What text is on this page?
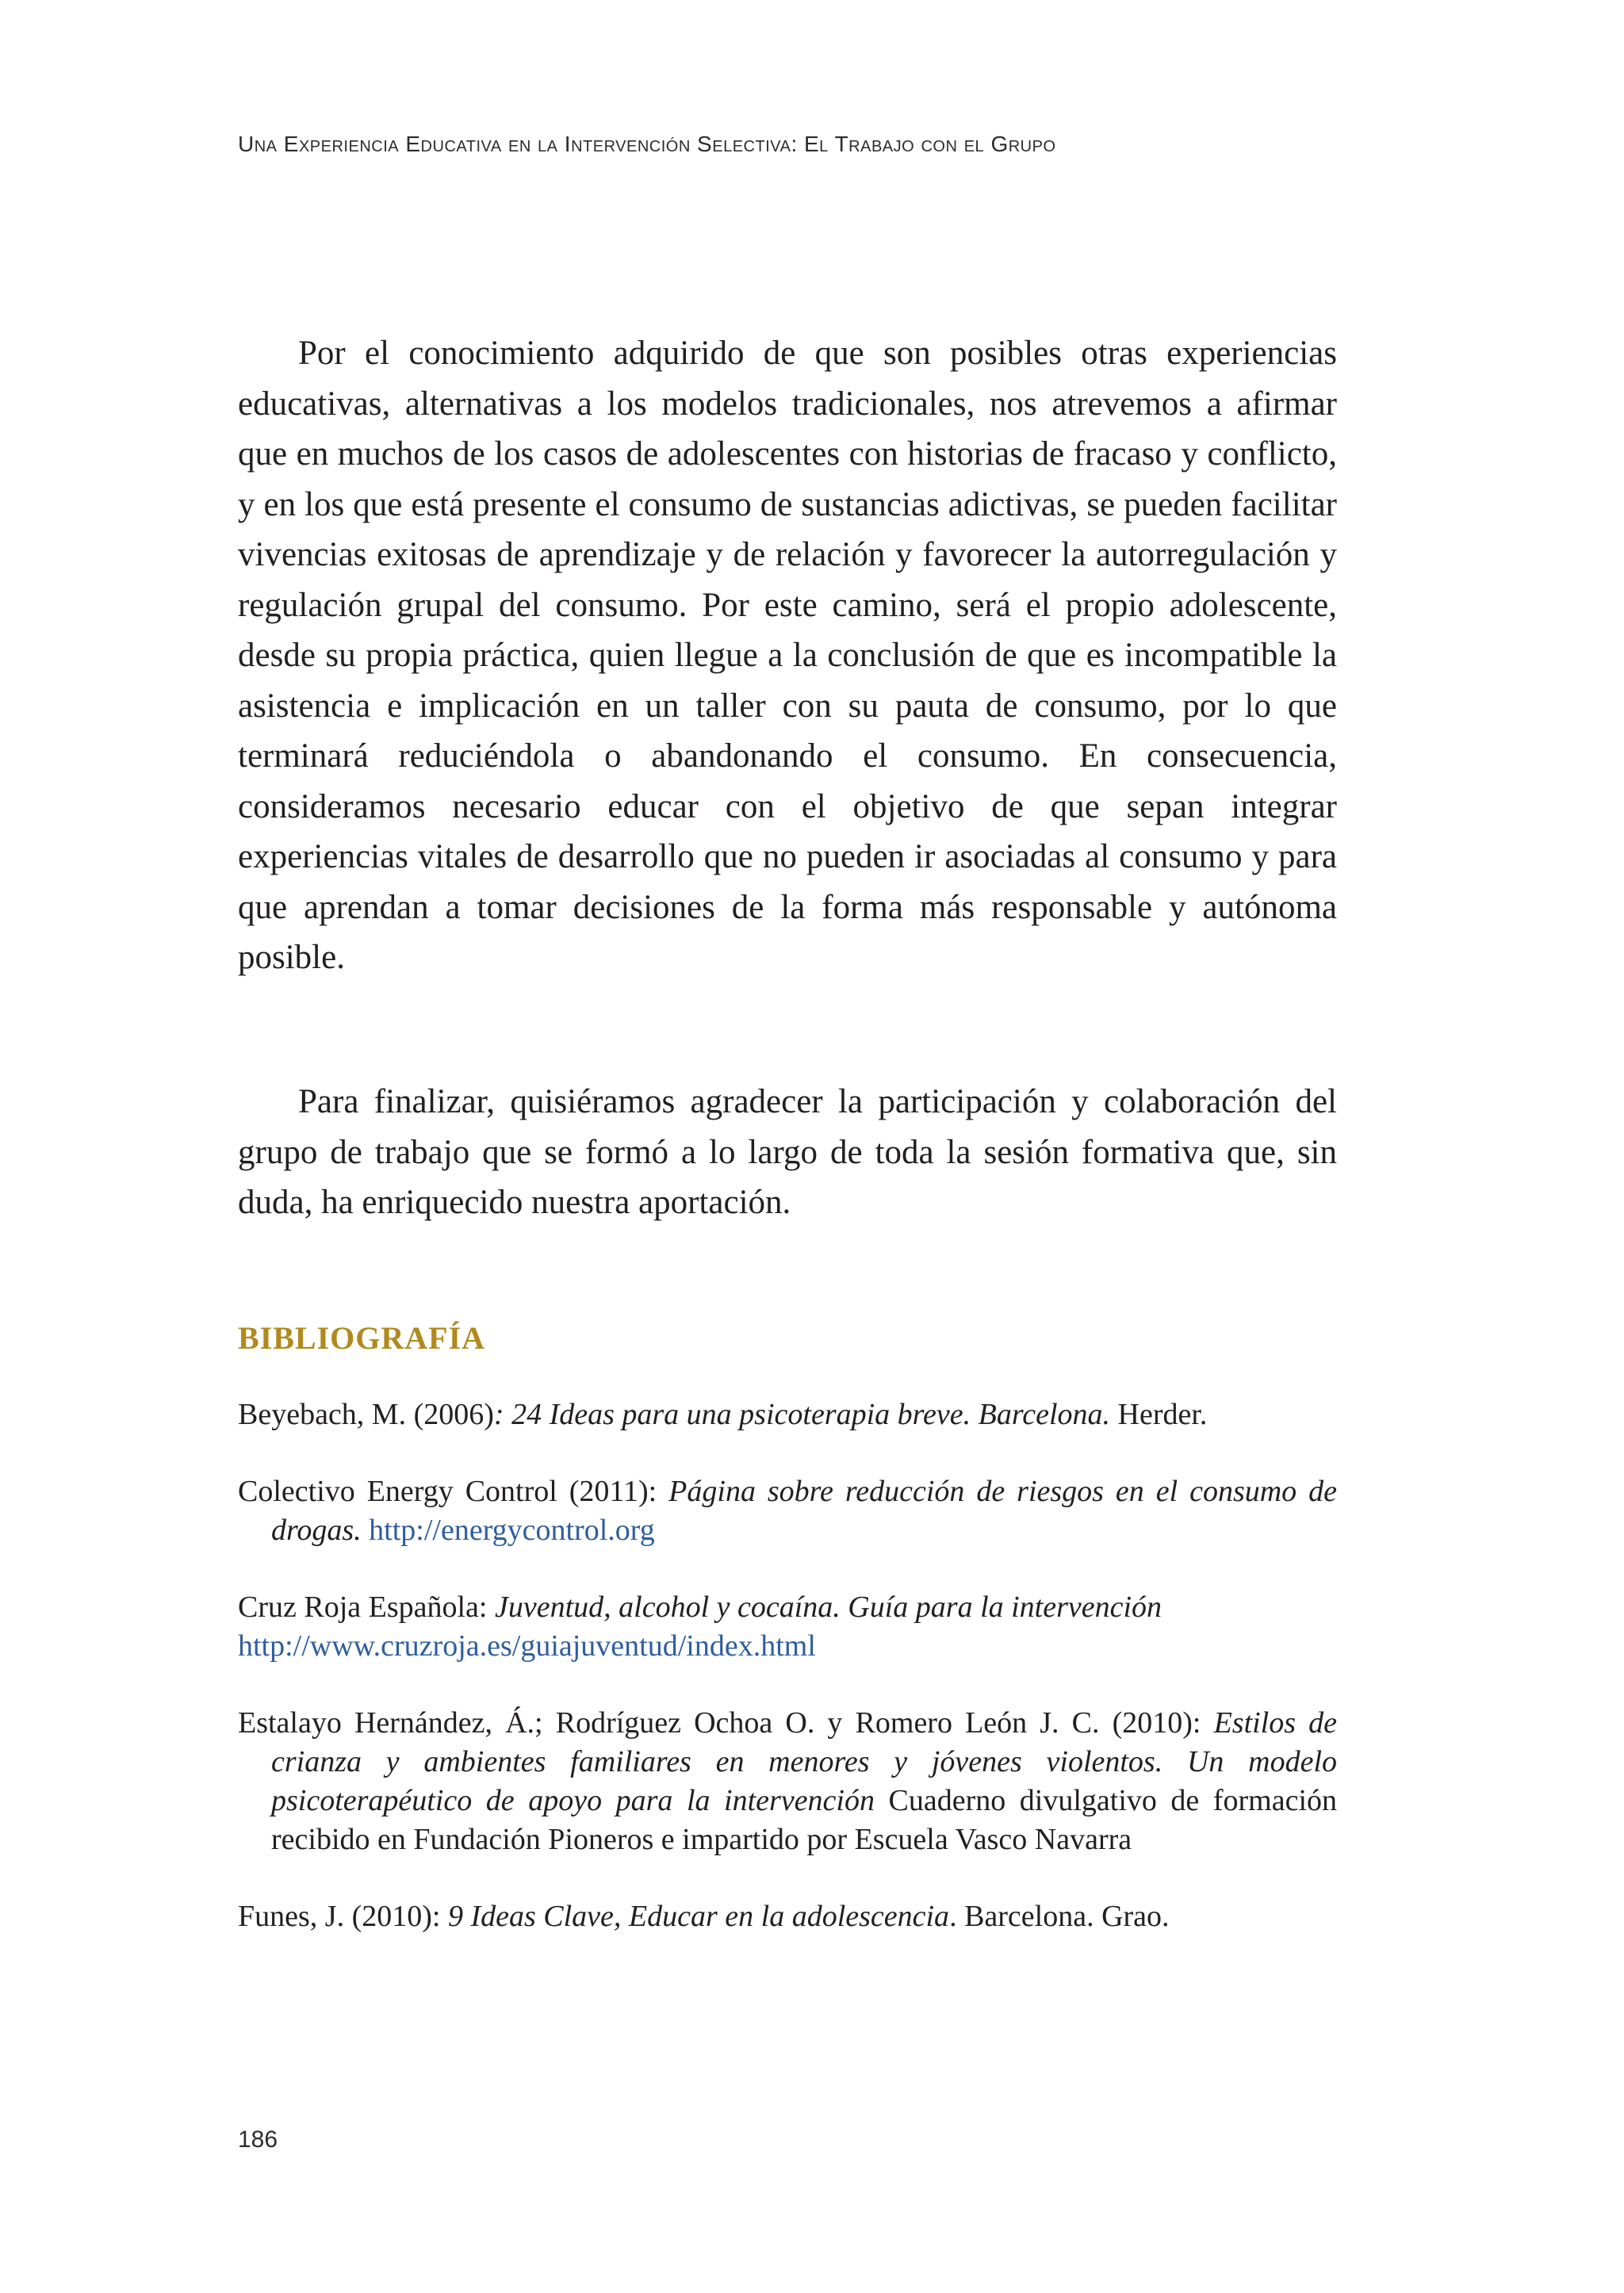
Una Experiencia Educativa en la Intervención Selectiva: El Trabajo con el Grupo

Por el conocimiento adquirido de que son posibles otras experiencias educativas, alternativas a los modelos tradicionales, nos atrevemos a afirmar que en muchos de los casos de adolescentes con historias de fracaso y conflicto, y en los que está presente el consumo de sustancias adictivas, se pueden facilitar vivencias exitosas de aprendizaje y de relación y favorecer la autorregulación y regulación grupal del consumo. Por este camino, será el propio adolescente, desde su propia práctica, quien llegue a la conclusión de que es incompatible la asistencia e implicación en un taller con su pauta de consumo, por lo que terminará reduciéndola o abandonando el consumo. En consecuencia, consideramos necesario educar con el objetivo de que sepan integrar experiencias vitales de desarrollo que no pueden ir asociadas al consumo y para que aprendan a tomar decisiones de la forma más responsable y autónoma posible.

Para finalizar, quisiéramos agradecer la participación y colaboración del grupo de trabajo que se formó a lo largo de toda la sesión formativa que, sin duda, ha enriquecido nuestra aportación.

BIBLIOGRAFÍA

Beyebach, M. (2006): 24 Ideas para una psicoterapia breve. Barcelona. Herder.

Colectivo Energy Control (2011): Página sobre reducción de riesgos en el consumo de drogas. http://energycontrol.org

Cruz Roja Española: Juventud, alcohol y cocaína. Guía para la intervención
http://www.cruzroja.es/guiajuventud/index.html

Estalayo Hernández, Á.; Rodríguez Ochoa O. y Romero León J. C. (2010): Estilos de crianza y ambientes familiares en menores y jóvenes violentos. Un modelo psicoterapéutico de apoyo para la intervención Cuaderno divulgativo de formación recibido en Fundación Pioneros e impartido por Escuela Vasco Navarra

Funes, J. (2010): 9 Ideas Clave, Educar en la adolescencia. Barcelona. Grao.

186
